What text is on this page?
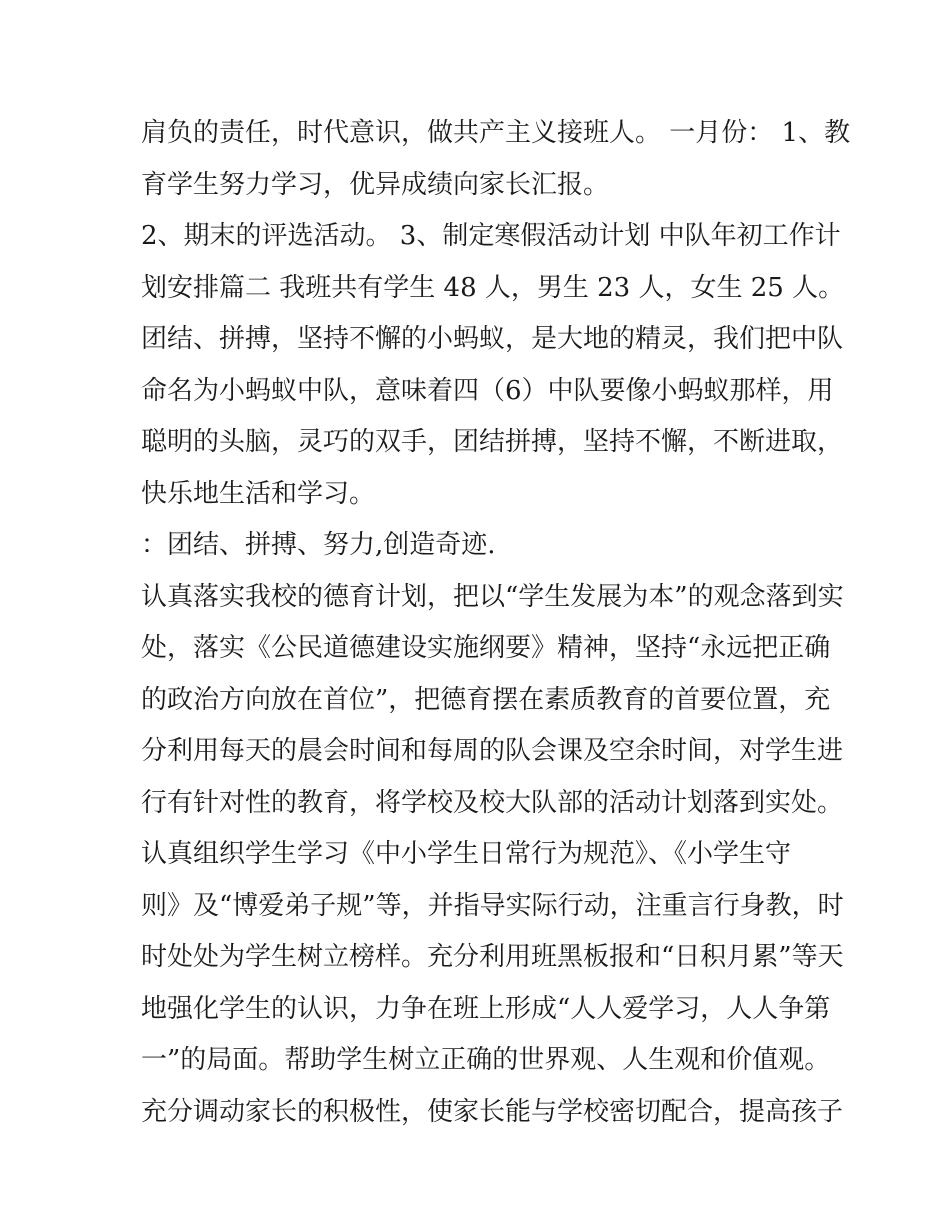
肩负的责任，时代意识，做共产主义接班人。 一月份： 1、教
育学生努力学习，优异成绩向家长汇报。
2、期末的评选活动。 3、制定寒假活动计划 中队年初工作计
划安排篇二 我班共有学生 48 人，男生 23 人，女生 25 人。
团结、拼搏，坚持不懈的小蚂蚁，是大地的精灵，我们把中队
命名为小蚂蚁中队，意味着四（6）中队要像小蚂蚁那样，用
聪明的头脑，灵巧的双手，团结拼搏，坚持不懈，不断进取，
快乐地生活和学习。
：团结、拼搏、努力,创造奇迹.
认真落实我校的德育计划，把以“学生发展为本”的观念落到实
处，落实《公民道德建设实施纲要》精神，坚持“永远把正确
的政治方向放在首位”，把德育摆在素质教育的首要位置，充
分利用每天的晨会时间和每周的队会课及空余时间，对学生进
行有针对性的教育，将学校及校大队部的活动计划落到实处。
认真组织学生学习《中小学生日常行为规范》、《小学生守
则》及“博爱弟子规”等，并指导实际行动，注重言行身教，时
时处处为学生树立榜样。充分利用班黑板报和“日积月累”等天
地强化学生的认识，力争在班上形成“人人爱学习，人人争第
一”的局面。帮助学生树立正确的世界观、人生观和价值观。
充分调动家长的积极性，使家长能与学校密切配合，提高孩子
